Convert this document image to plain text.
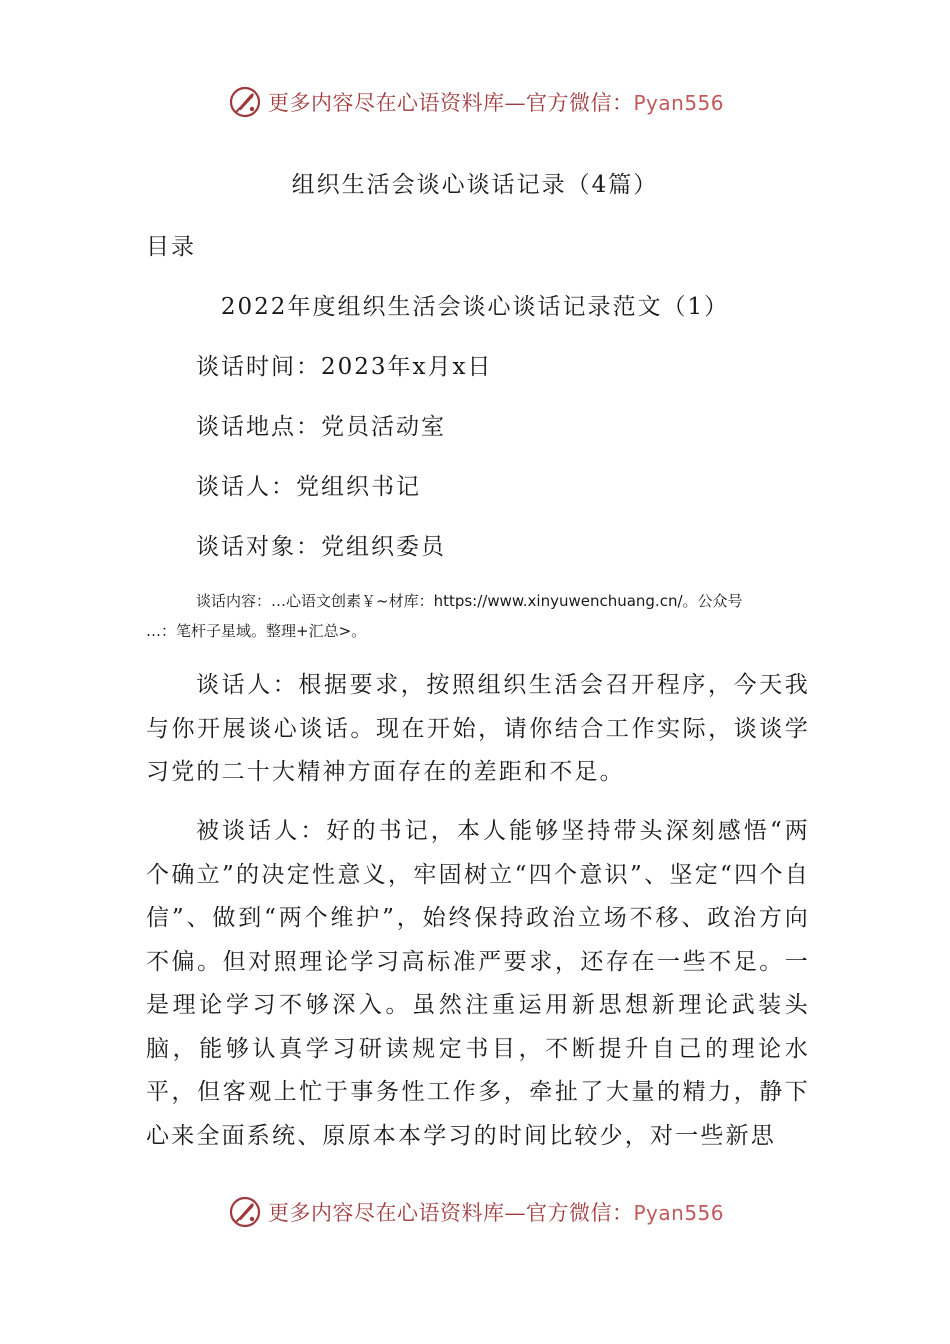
更多内容尽在心语资料库—官方微信：Pyan556
组织生活会谈心谈话记录（4篇）
目录
2022年度组织生活会谈心谈话记录范文（1）
谈话时间：2023年x月x日
谈话地点：党员活动室
谈话人：党组织书记
谈话对象：党组织委员
谈话内容：…心语文创素￥~材库：https://www.xinyuwenchuang.cn/。公众号
…：笔杆子星域。整理+汇总>。
谈话人：根据要求，按照组织生活会召开程序，今天我与你开展谈心谈话。现在开始，请你结合工作实际，谈谈学习党的二十大精神方面存在的差距和不足。
被谈话人：好的书记，本人能够坚持带头深刻感悟“两个确立”的决定性意义，牢固树立“四个意识”、坚定“四个自信”、做到“两个维护”，始终保持政治立场不移、政治方向不偏。但对照理论学习高标准严要求，还存在一些不足。一是理论学习不够深入。虽然注重运用新思想新理论武装头脑，能够认真学习研读规定书目，不断提升自己的理论水平，但客观上忙于事务性工作多，牵扯了大量的精力，静下心来全面系统、原原本本学习的时间比较少，对一些新思
更多内容尽在心语资料库—官方微信：Pyan556
